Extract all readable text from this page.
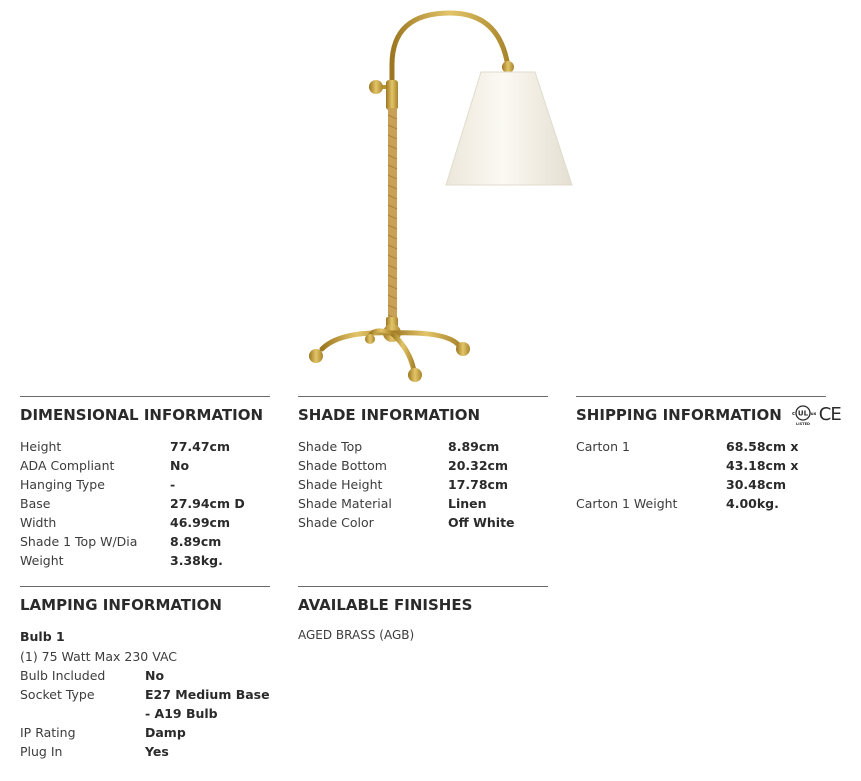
DIMENSIONAL INFORMATION
Height	77.47cm
ADA Compliant	No
Hanging Type	-
Base	27.94cm D
Width	46.99cm
Shade 1 Top W/Dia	8.89cm
Weight	3.38kg.
SHADE INFORMATION
Shade Top	8.89cm
Shade Bottom	20.32cm
Shade Height	17.78cm
Shade Material	Linen
Shade Color	Off White
SHIPPING INFORMATION UL
c	us
LISTED CE
Carton 1	68.58cm x 43.18cm x 30.48cm
Carton 1 Weight	4.00kg.
LAMPING INFORMATION
Bulb 1
(1) 75 Watt Max 230 VAC
Bulb Included	No
Socket Type	E27 Medium Base - A19 Bulb
IP Rating	Damp
Plug In	Yes
AVAILABLE FINISHES
AGED BRASS (AGB)
